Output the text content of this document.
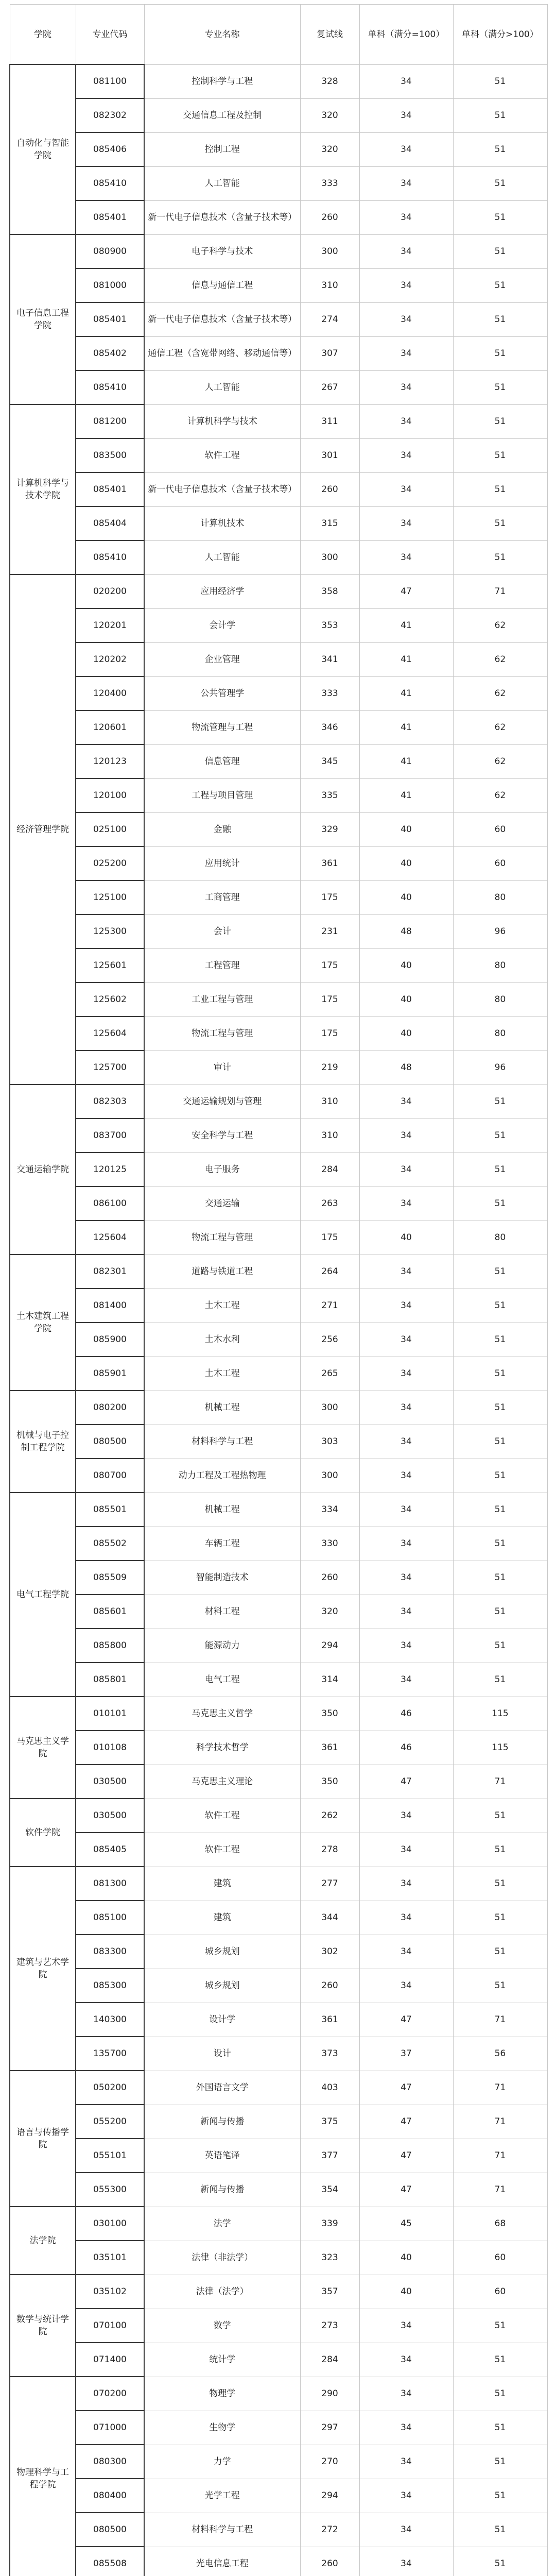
学院	专业代码	专业名称	复试线	单科（满分=100）	单科（满分>100）
自动化与智能学院	081100	控制科学与工程	328	34	51
	082302	交通信息工程及控制	320	34	51
	085406	控制工程	320	34	51
	085410	人工智能	333	34	51
	085401	新一代电子信息技术（含量子技术等）	260	34	51
电子信息工程学院	080900	电子科学与技术	300	34	51
	081000	信息与通信工程	310	34	51
	085401	新一代电子信息技术（含量子技术等）	274	34	51
	085402	通信工程（含宽带网络、移动通信等）	307	34	51
	085410	人工智能	267	34	51
计算机科学与技术学院	081200	计算机科学与技术	311	34	51
	083500	软件工程	301	34	51
	085401	新一代电子信息技术（含量子技术等）	260	34	51
	085404	计算机技术	315	34	51
	085410	人工智能	300	34	51
经济管理学院	020200	应用经济学	358	47	71
	120201	会计学	353	41	62
	120202	企业管理	341	41	62
	120400	公共管理学	333	41	62
	120601	物流管理与工程	346	41	62
	120123	信息管理	345	41	62
	120100	工程与项目管理	335	41	62
	025100	金融	329	40	60
	025200	应用统计	361	40	60
	125100	工商管理	175	40	80
	125300	会计	231	48	96
	125601	工程管理	175	40	80
	125602	工业工程与管理	175	40	80
	125604	物流工程与管理	175	40	80
	125700	审计	219	48	96
交通运输学院	082303	交通运输规划与管理	310	34	51
	083700	安全科学与工程	310	34	51
	120125	电子服务	284	34	51
	086100	交通运输	263	34	51
	125604	物流工程与管理	175	40	80
土木建筑工程学院	082301	道路与铁道工程	264	34	51
	081400	土木工程	271	34	51
	085900	土木水利	256	34	51
	085901	土木工程	265	34	51
机械与电子控制工程学院	080200	机械工程	300	34	51
	080500	材料科学与工程	303	34	51
	080700	动力工程及工程热物理	300	34	51
电气工程学院	085501	机械工程	334	34	51
	085502	车辆工程	330	34	51
	085509	智能制造技术	260	34	51
	085601	材料工程	320	34	51
	085800	能源动力	294	34	51
	085801	电气工程	314	34	51
马克思主义学院	010101	马克思主义哲学	350	46	115
	010108	科学技术哲学	361	46	115
	030500	马克思主义理论	350	47	71
软件学院	030500	软件工程	262	34	51
	085405	软件工程	278	34	51
建筑与艺术学院	081300	建筑	277	34	51
	085100	建筑	344	34	51
	083300	城乡规划	302	34	51
	085300	城乡规划	260	34	51
	140300	设计学	361	47	71
	135700	设计	373	37	56
语言与传播学院	050200	外国语言文学	403	47	71
	055200	新闻与传播	375	47	71
	055101	英语笔译	377	47	71
	055300	新闻与传播	354	47	71
法学院	030100	法学	339	45	68
	035101	法律（非法学）	323	40	60
数学与统计学院	035102	法律（法学）	357	40	60
	070100	数学	273	34	51
	071400	统计学	284	34	51
物理科学与工程学院	070200	物理学	290	34	51
	071000	生物学	297	34	51
	080300	力学	270	34	51
	080400	光学工程	294	34	51
	080500	材料科学与工程	272	34	51
	085508	光电信息工程	260	34	51
